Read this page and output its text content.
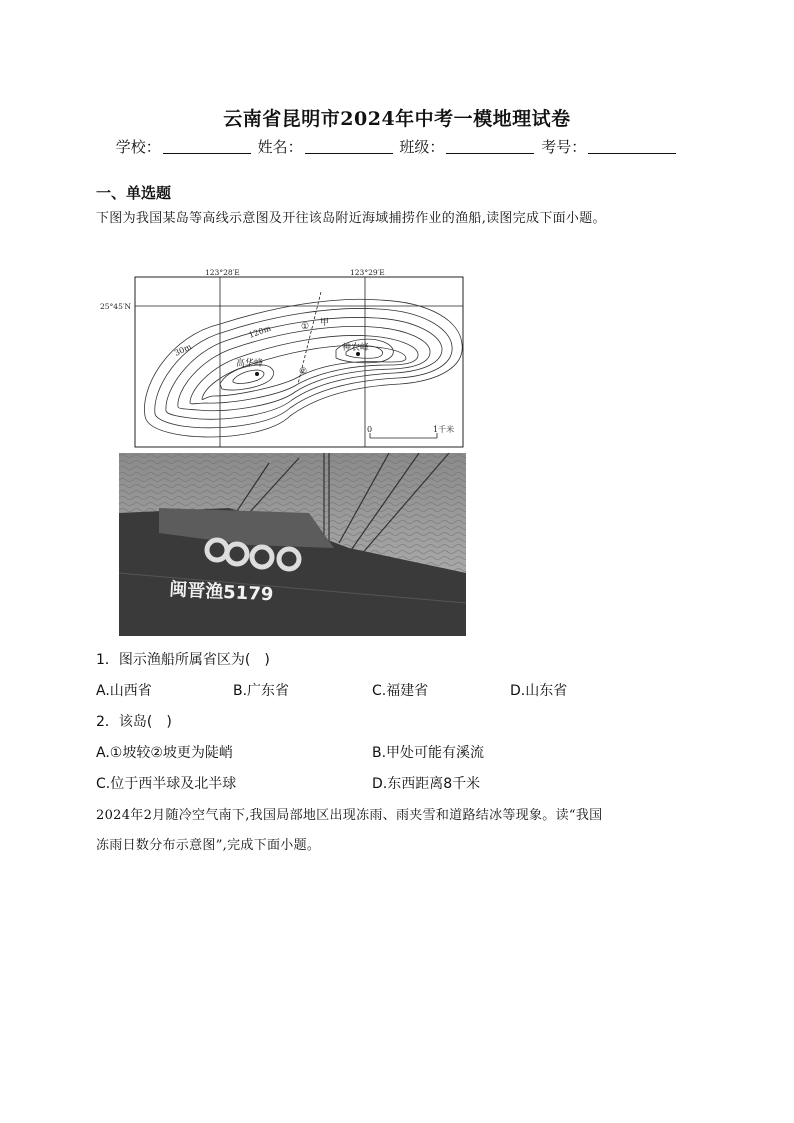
云南省昆明市2024年中考一模地理试卷
学校：	姓名：	班级：	考号：
一、单选题
下图为我国某岛等高线示意图及开往该岛附近海域捕捞作业的渔船,读图完成下面小题。
123°28′E	123°29′E
25°45′N
30m
120m	①
②
甲
高华峰
神农峰
0	1千米
闽晋渔5179
1．图示渔船所属省区为(　)
A.山西省	B.广东省	C.福建省	D.山东省
2．该岛(　)
A.①坡较②坡更为陡峭	B.甲处可能有溪流
C.位于西半球及北半球	D.东西距离8千米
2024年2月随冷空气南下,我国局部地区出现冻雨、雨夹雪和道路结冰等现象。读“我国
冻雨日数分布示意图”,完成下面小题。
